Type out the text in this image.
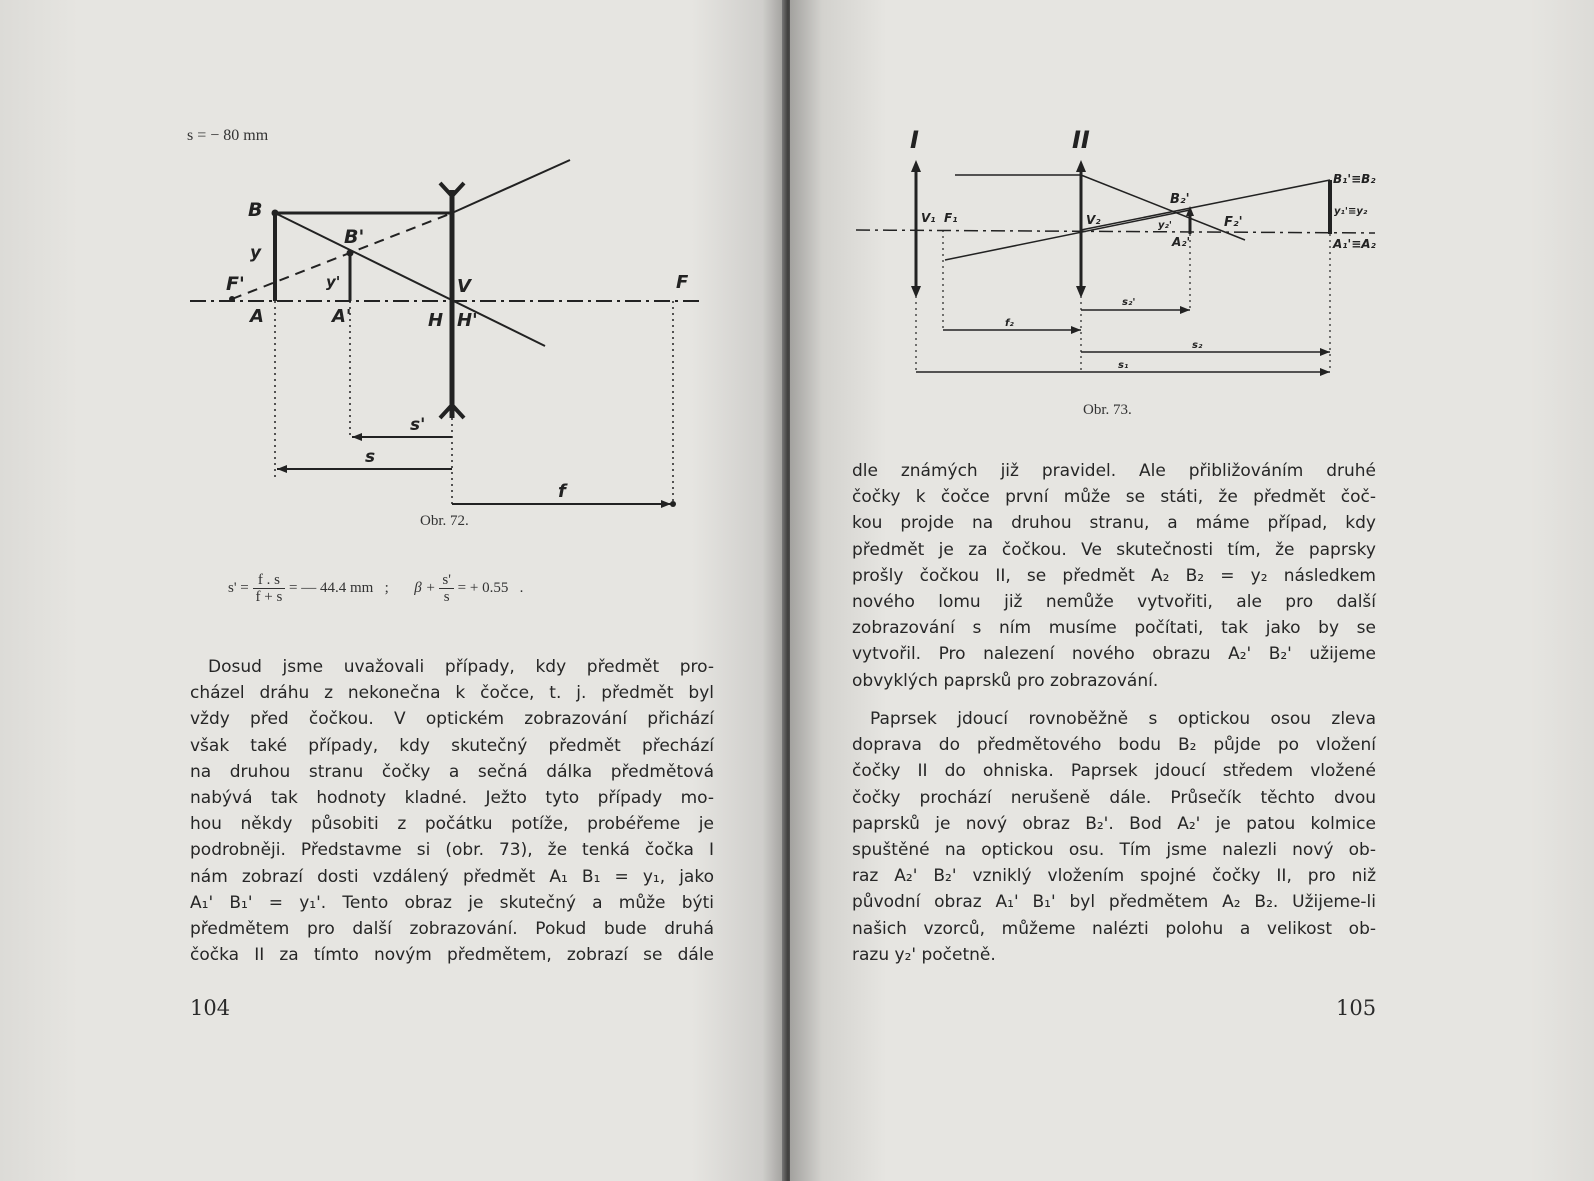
s = − 80 mm
B
B'
y
y'
F'
A	A'
V
H H'
F
s'
s
f
Obr. 72.
$s' = \frac{f . s}{f + s}$ = — 44.4 mm   ; $\beta + \frac{s'}{s}$ = + 0.55   .
Dosud jsme uvažovali případy, kdy předmět pro-
cházel dráhu z nekonečna k čočce, t. j. předmět byl
vždy před čočkou. V optickém zobrazování přichází
však také případy, kdy skutečný předmět přechází
na druhou stranu čočky a sečná dálka předmětová
nabývá tak hodnoty kladné. Ježto tyto případy mo-
hou někdy působiti z počátku potíže, probéřeme je
podrobněji. Představme si (obr. 73), že tenká čočka I
nám zobrazí dosti vzdálený předmět A₁ B₁ = y₁, jako
A₁' B₁' = y₁'. Tento obraz je skutečný a může býti
předmětem pro další zobrazování. Pokud bude druhá
čočka II za tímto novým předmětem, zobrazí se dále
104
I	II
V₁ F₁	V₂
B₂'
F₂'
A₂'
y₂'
B₁'≡B₂
y₁'≡y₂
A₁'≡A₂
s₂'
f₂
s₂
s₁
Obr. 73.
dle známých již pravidel. Ale přibližováním druhé
čočky k čočce první může se státi, že předmět čoč-
kou projde na druhou stranu, a máme případ, kdy
předmět je za čočkou. Ve skutečnosti tím, že paprsky
prošly čočkou II, se předmět A₂ B₂ = y₂ následkem
nového lomu již nemůže vytvořiti, ale pro další
zobrazování s ním musíme počítati, tak jako by se
vytvořil. Pro nalezení nového obrazu A₂' B₂' užijeme
obvyklých paprsků pro zobrazování.
Paprsek jdoucí rovnoběžně s optickou osou zleva
doprava do předmětového bodu B₂ půjde po vložení
čočky II do ohniska. Paprsek jdoucí středem vložené
čočky prochází nerušeně dále. Průsečík těchto dvou
paprsků je nový obraz B₂'. Bod A₂' je patou kolmice
spuštěné na optickou osu. Tím jsme nalezli nový ob-
raz A₂' B₂' vzniklý vložením spojné čočky II, pro niž
původní obraz A₁' B₁' byl předmětem A₂ B₂. Užijeme-li
našich vzorců, můžeme nalézti polohu a velikost ob-
razu y₂' početně.
105
